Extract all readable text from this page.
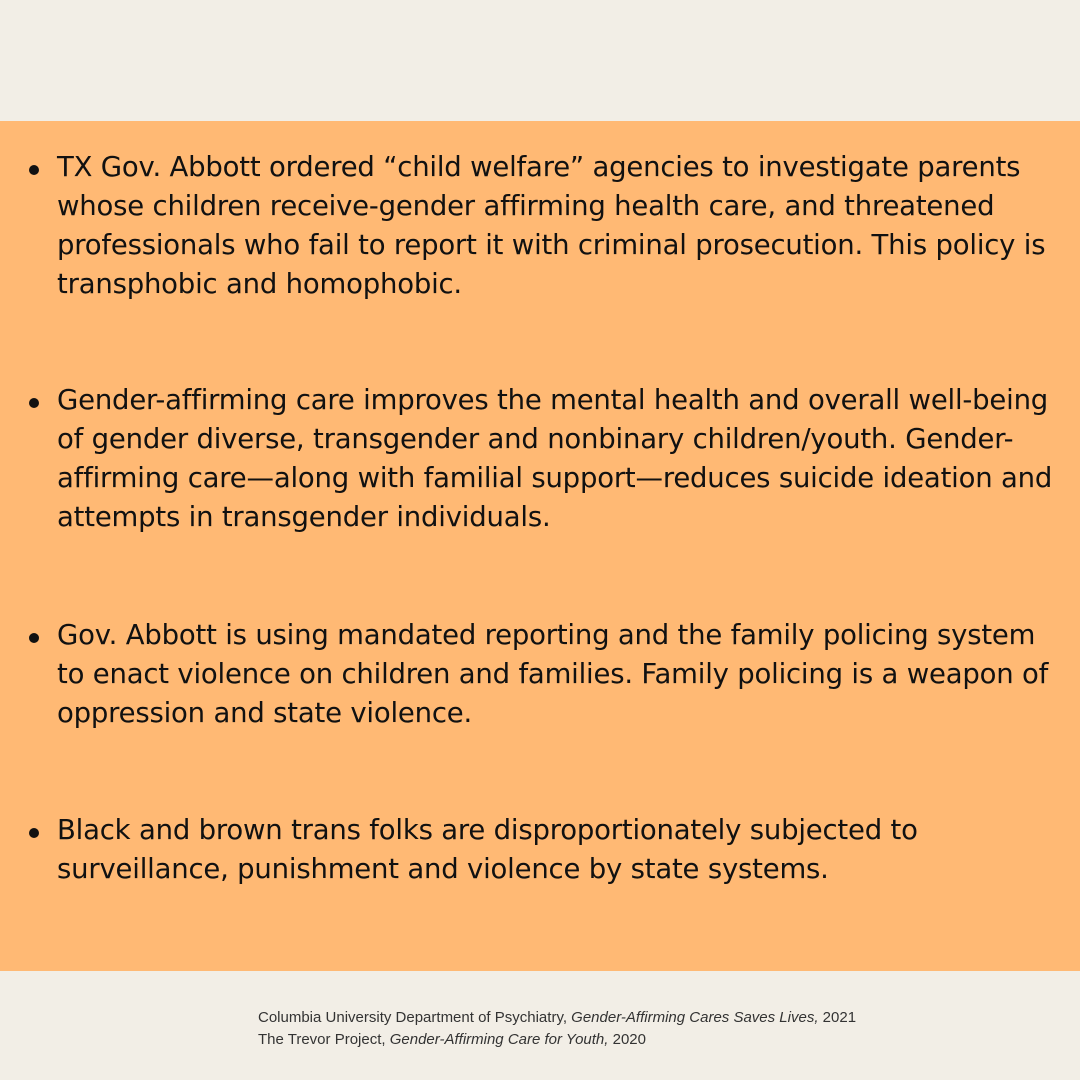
TX Gov. Abbott ordered “child welfare” agencies to investigate parents whose children receive-gender affirming health care, and threatened professionals who fail to report it with criminal prosecution. This policy is transphobic and homophobic.

Gender-affirming care improves the mental health and overall well-being of gender diverse, transgender and nonbinary children/youth. Gender-affirming care—along with familial support—reduces suicide ideation and attempts in transgender individuals.

Gov. Abbott is using mandated reporting and the family policing system to enact violence on children and families. Family policing is a weapon of oppression and state violence.

Black and brown trans folks are disproportionately subjected to surveillance, punishment and violence by state systems.

Columbia University Department of Psychiatry, Gender-Affirming Cares Saves Lives, 2021
The Trevor Project, Gender-Affirming Care for Youth, 2020
